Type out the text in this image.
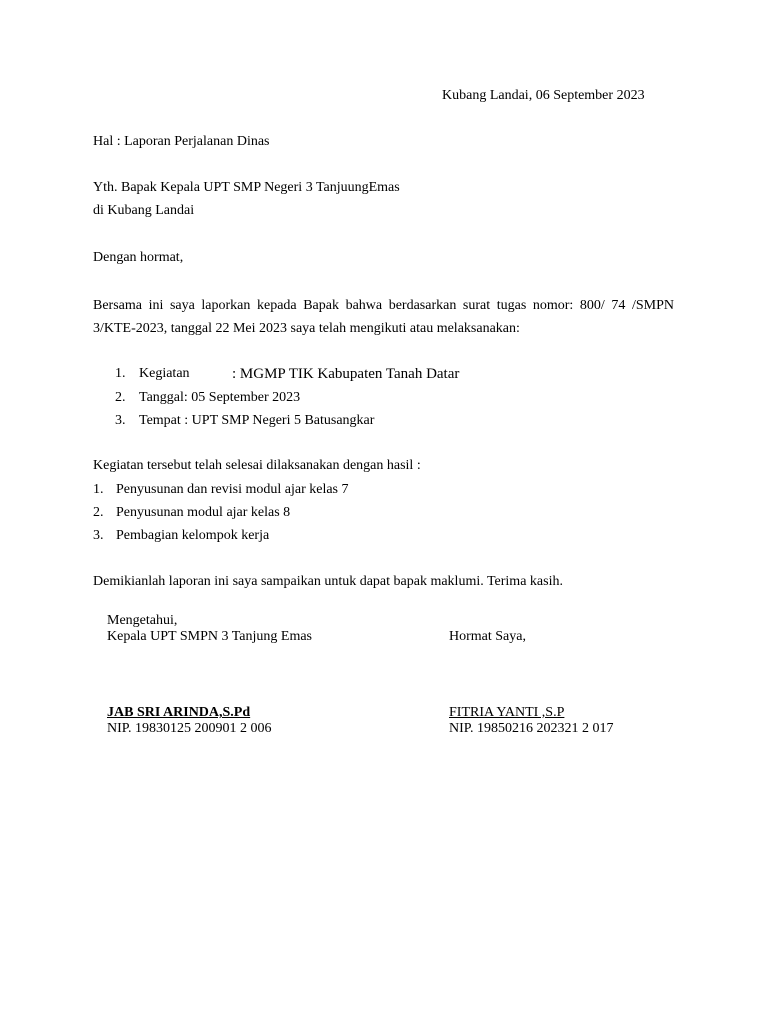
Kubang Landai, 06 September 2023
Hal : Laporan Perjalanan Dinas
Yth. Bapak Kepala UPT SMP Negeri 3 TanjuungEmas
di Kubang Landai
Dengan hormat,
Bersama ini saya laporkan kepada Bapak bahwa berdasarkan surat tugas nomor: 800/ 74 /SMPN 3/KTE-2023, tanggal 22 Mei 2023 saya telah mengikuti atau melaksanakan:
1. Kegiatan	: MGMP TIK Kabupaten Tanah Datar
2. Tanggal: 05 September 2023
3. Tempat : UPT SMP Negeri 5 Batusangkar
Kegiatan tersebut telah selesai dilaksanakan dengan hasil :
1. Penyusunan dan revisi modul ajar kelas 7
2. Penyusunan modul ajar kelas 8
3. Pembagian kelompok kerja
Demikianlah laporan ini saya sampaikan untuk dapat bapak maklumi. Terima kasih.
Mengetahui,
Kepala UPT SMPN 3 Tanjung Emas
JAB SRI ARINDA,S.Pd
NIP. 19830125 200901 2 006
Hormat Saya,
FITRIA YANTI ,S.P
NIP. 19850216 202321 2 017
